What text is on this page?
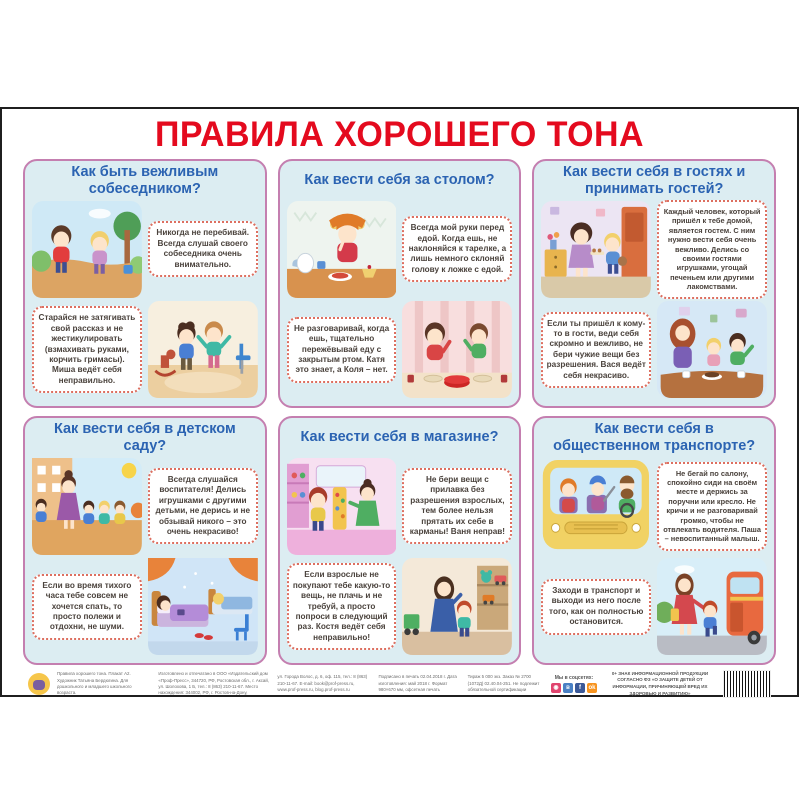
ПРАВИЛА ХОРОШЕГО ТОНА
Как быть вежливым собеседником?
Никогда не перебивай. Всегда слушай своего собеседника очень внимательно.
Старайся не затягивать свой рассказ и не жестикулировать (взмахивать руками, корчить гримасы). Миша ведёт себя неправильно.
Как вести себя за столом?
Всегда мой руки перед едой. Когда ешь, не наклоняйся к тарелке, а лишь немного склоняй голову к ложке с едой.
Не разговаривай, когда ешь, тщательно пережёвывай еду с закрытым ртом. Катя это знает, а Коля – нет.
Как вести себя в гостях и принимать гостей?
Каждый человек, который пришёл к тебе домой, является гостем. С ним нужно вести себя очень вежливо. Делись со своими гостями игрушками, угощай печеньем или другими лакомствами.
Если ты пришёл к кому-то в гости, веди себя скромно и вежливо, не бери чужие вещи без разрешения. Вася ведёт себя некрасиво.
Как вести себя в детском саду?
Всегда слушайся воспитателя! Делись игрушками с другими детьми, не дерись и не обзывай никого – это очень некрасиво!
Если во время тихого часа тебе совсем не хочется спать, то просто полежи и отдохни, не шуми.
Как вести себя в магазине?
Не бери вещи с прилавка без разрешения взрослых, тем более нельзя прятать их себе в карманы! Ваня неправ!
Если взрослые не покупают тебе какую-то вещь, не плачь и не требуй, а просто попроси в следующий раз. Костя ведёт себя неправильно!
Как вести себя в общественном транспорте?
Не бегай по салону, спокойно сиди на своём месте и держись за поручни или кресло. Не кричи и не разговаривай громко, чтобы не отвлекать водителя. Паша – невоспитанный малыш.
Заходи в транспорт и выходи из него после того, как он полностью остановится.
Правила хорошего тона. Плакат А2. Художник Татьяна Бердюгина. Для дошкольного и младшего школьного возраста.
Изготовлено и отпечатано в ООО «Издательский дом «Проф-Пресс», 344720, РФ, Ростовская обл., г. Аксай, ул. Шолохова, 1 Б, тел.: 8 (863) 210-11-67. Место нахождения: 344002, РФ, г. Ростов-на-Дону,
ул. Города Волос, д. 6, оф. 115, тел.: 8 (863) 210-11-67. E-mail: book@prof-press.ru, www.prof-press.ru, blog.prof-press.ru
Подписано в печать 02.04.2018 г. Дата изготовления: май 2018 г. Формат 980×670 мм, офсетная печать
Тираж 5 000 экз. Заказ № 2700 (1072Д) 02.40.04-251. Не подлежит обязательной сертификации
Мы в соцсетях:
◉	в	f	ok
0+ ЗНАК ИНФОРМАЦИОННОЙ ПРОДУКЦИИ СОГЛАСНО ФЗ «О ЗАЩИТЕ ДЕТЕЙ ОТ ИНФОРМАЦИИ, ПРИЧИНЯЮЩЕЙ ВРЕД ИХ ЗДОРОВЬЮ И РАЗВИТИЮ»
